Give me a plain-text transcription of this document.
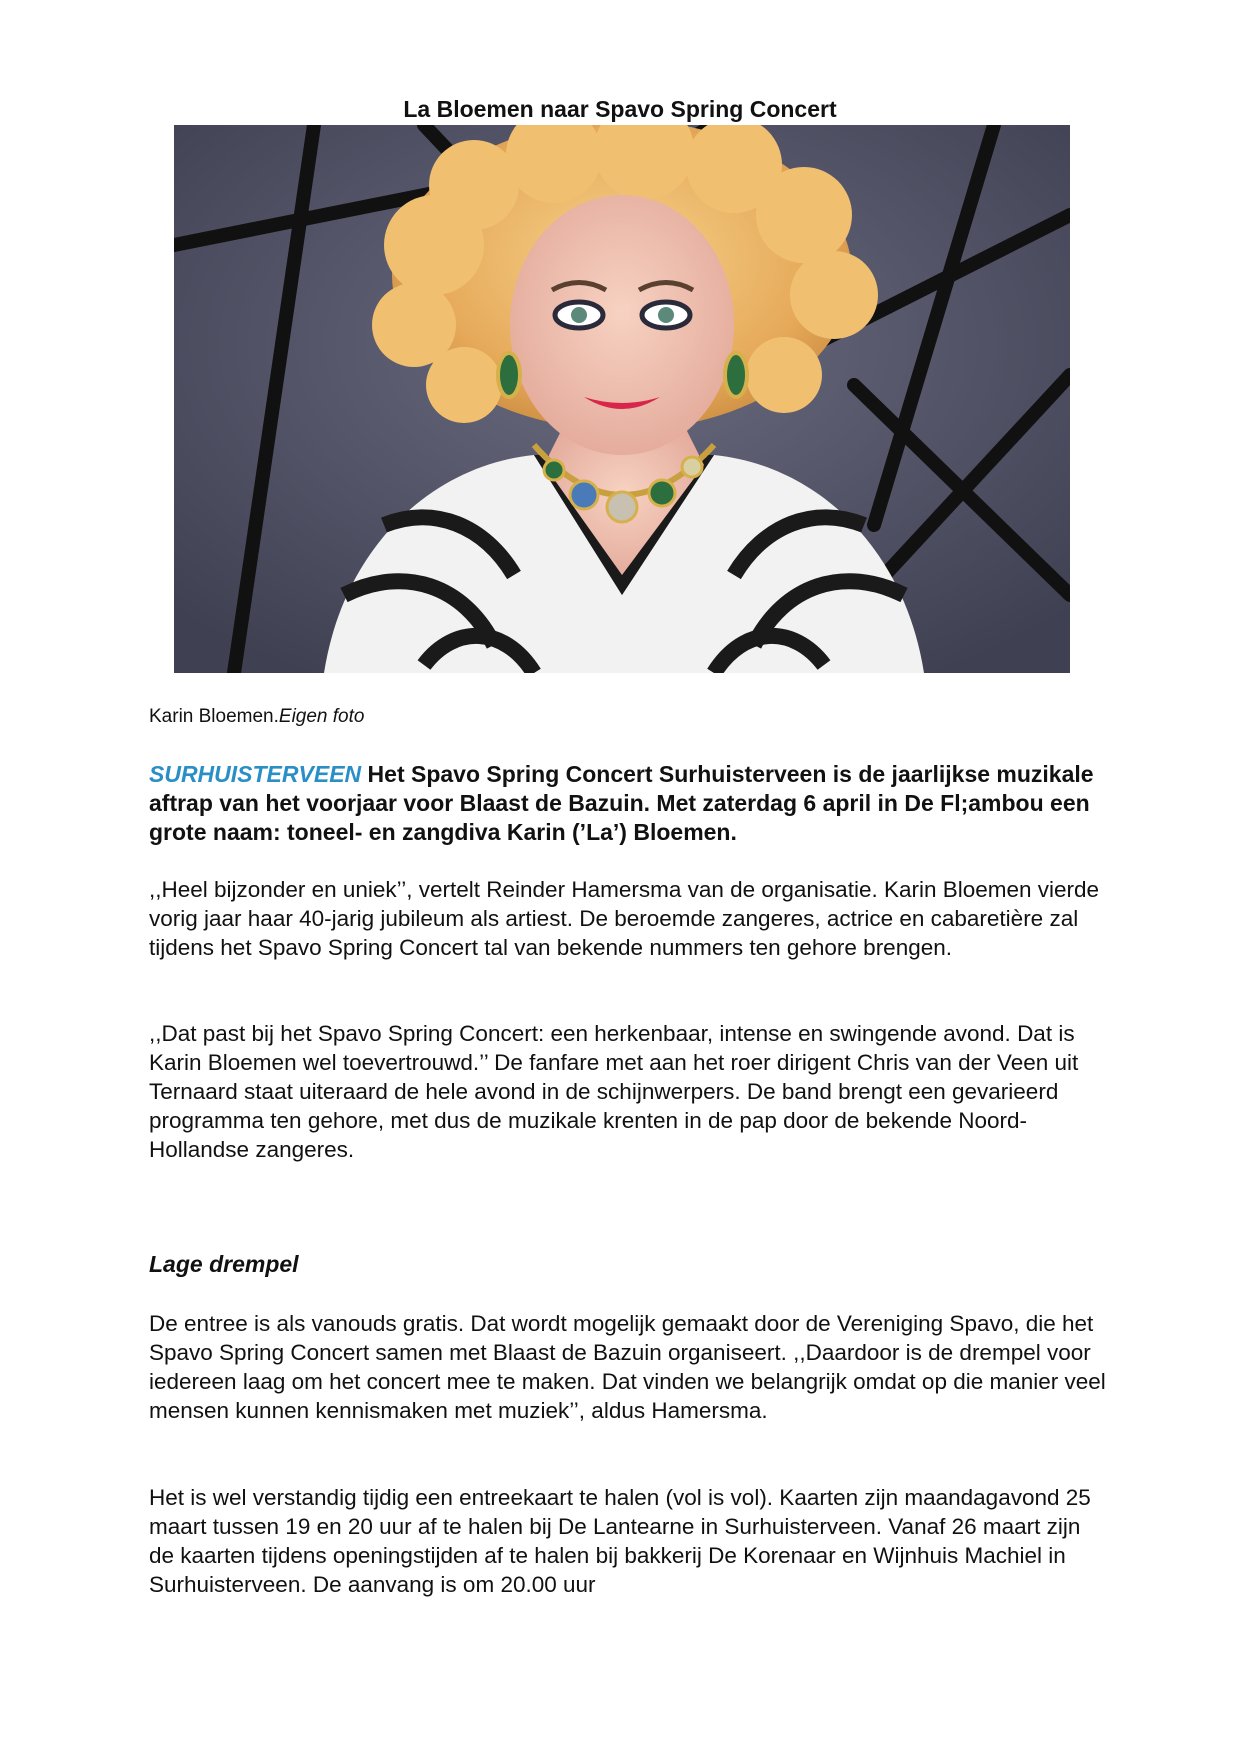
La Bloemen naar Spavo Spring Concert
Karin Bloemen.Eigen foto
SURHUISTERVEEN Het Spavo Spring Concert Surhuisterveen is de jaarlijkse muzikale aftrap van het voorjaar voor Blaast de Bazuin. Met zaterdag 6 april in De Fl;ambou een grote naam: toneel- en zangdiva Karin (’La’) Bloemen.
,,Heel bijzonder en uniek’’, vertelt Reinder Hamersma van de organisatie. Karin Bloemen vierde vorig jaar haar 40-jarig jubileum als artiest. De beroemde zangeres, actrice en cabaretière zal tijdens het Spavo Spring Concert tal van bekende nummers ten gehore brengen.
,,Dat past bij het Spavo Spring Concert: een herkenbaar, intense en swingende avond. Dat is Karin Bloemen wel toevertrouwd.’’ De fanfare met aan het roer dirigent Chris van der Veen uit Ternaard staat uiteraard de hele avond in de schijnwerpers. De band brengt een gevarieerd programma ten gehore, met dus de muzikale krenten in de pap door de bekende Noord-Hollandse zangeres.
Lage drempel
De entree is als vanouds gratis. Dat wordt mogelijk gemaakt door de Vereniging Spavo, die het Spavo Spring Concert samen met Blaast de Bazuin organiseert. ,,Daardoor is de drempel voor iedereen laag om het concert mee te maken. Dat vinden we belangrijk omdat op die manier veel mensen kunnen kennismaken met muziek’’, aldus Hamersma.
Het is wel verstandig tijdig een entreekaart te halen (vol is vol). Kaarten zijn maandagavond 25 maart tussen 19 en 20 uur af te halen bij De Lantearne in Surhuisterveen. Vanaf 26 maart zijn de kaarten tijdens openingstijden af te halen bij bakkerij De Korenaar en Wijnhuis Machiel in Surhuisterveen. De aanvang is om 20.00 uur
